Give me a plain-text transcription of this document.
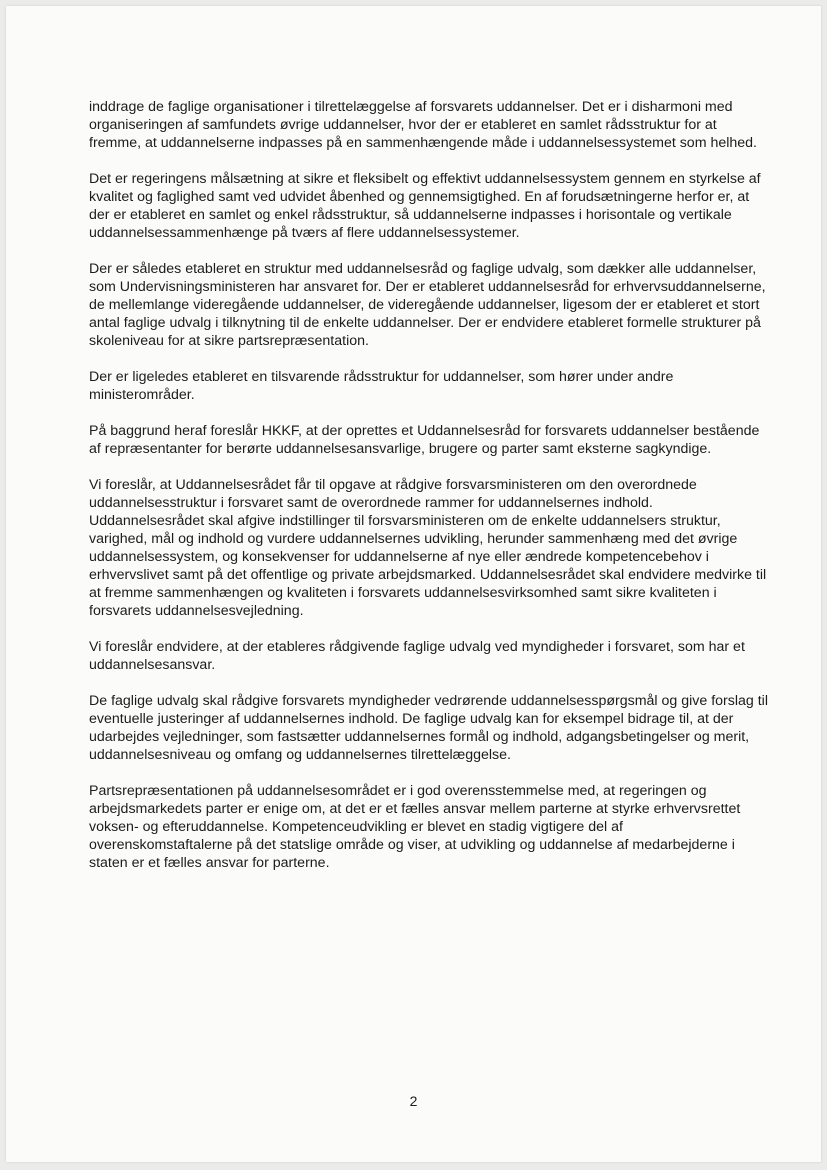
inddrage de faglige organisationer i tilrettelæggelse af forsvarets uddannelser. Det er i disharmoni med organiseringen af samfundets øvrige uddannelser, hvor der er etableret en samlet rådsstruktur for at fremme, at uddannelserne indpasses på en sammenhængende måde i uddannelsessystemet som helhed.

Det er regeringens målsætning at sikre et fleksibelt og effektivt uddannelsessystem gennem en styrkelse af kvalitet og faglighed samt ved udvidet åbenhed og gennemsigtighed. En af forudsætningerne herfor er, at der er etableret en samlet og enkel rådsstruktur, så uddannelserne indpasses i horisontale og vertikale uddannelsessammenhænge på tværs af flere uddannelsessystemer.

Der er således etableret en struktur med uddannelsesråd og faglige udvalg, som dækker alle uddannelser, som Undervisningsministeren har ansvaret for. Der er etableret uddannelsesråd for erhvervsuddannelserne, de mellemlange videregående uddannelser, de videregående uddannelser, ligesom der er etableret et stort antal faglige udvalg i tilknytning til de enkelte uddannelser. Der er endvidere etableret formelle strukturer på skoleniveau for at sikre partsrepræsentation.

Der er ligeledes etableret en tilsvarende rådsstruktur for uddannelser, som hører under andre ministerområder.

På baggrund heraf foreslår HKKF, at der oprettes et Uddannelsesråd for forsvarets uddannelser bestående af repræsentanter for berørte uddannelsesansvarlige, brugere og parter samt eksterne sagkyndige.

Vi foreslår, at Uddannelsesrådet får til opgave at rådgive forsvarsministeren om den overordnede uddannelsesstruktur i forsvaret samt de overordnede rammer for uddannelsernes indhold. Uddannelsesrådet skal afgive indstillinger til forsvarsministeren om de enkelte uddannelsers struktur, varighed, mål og indhold og vurdere uddannelsernes udvikling, herunder sammenhæng med det øvrige uddannelsessystem, og konsekvenser for uddannelserne af nye eller ændrede kompetencebehov i erhvervslivet samt på det offentlige og private arbejdsmarked. Uddannelsesrådet skal endvidere medvirke til at fremme sammenhængen og kvaliteten i forsvarets uddannelsesvirksomhed samt sikre kvaliteten i forsvarets uddannelsesvejledning.

Vi foreslår endvidere, at der etableres rådgivende faglige udvalg ved myndigheder i forsvaret, som har et uddannelsesansvar.

De faglige udvalg skal rådgive forsvarets myndigheder vedrørende uddannelsesspørgsmål og give forslag til eventuelle justeringer af uddannelsernes indhold. De faglige udvalg kan for eksempel bidrage til, at der udarbejdes vejledninger, som fastsætter uddannelsernes formål og indhold, adgangsbetingelser og merit, uddannelsesniveau og omfang og uddannelsernes tilrettelæggelse.

Partsrepræsentationen på uddannelsesområdet er i god overensstemmelse med, at regeringen og arbejdsmarkedets parter er enige om, at det er et fælles ansvar mellem parterne at styrke erhvervsrettet voksen- og efteruddannelse. Kompetenceudvikling er blevet en stadig vigtigere del af overenskomstaftalerne på det statslige område og viser, at udvikling og uddannelse af medarbejderne i staten er et fælles ansvar for parterne.

2
